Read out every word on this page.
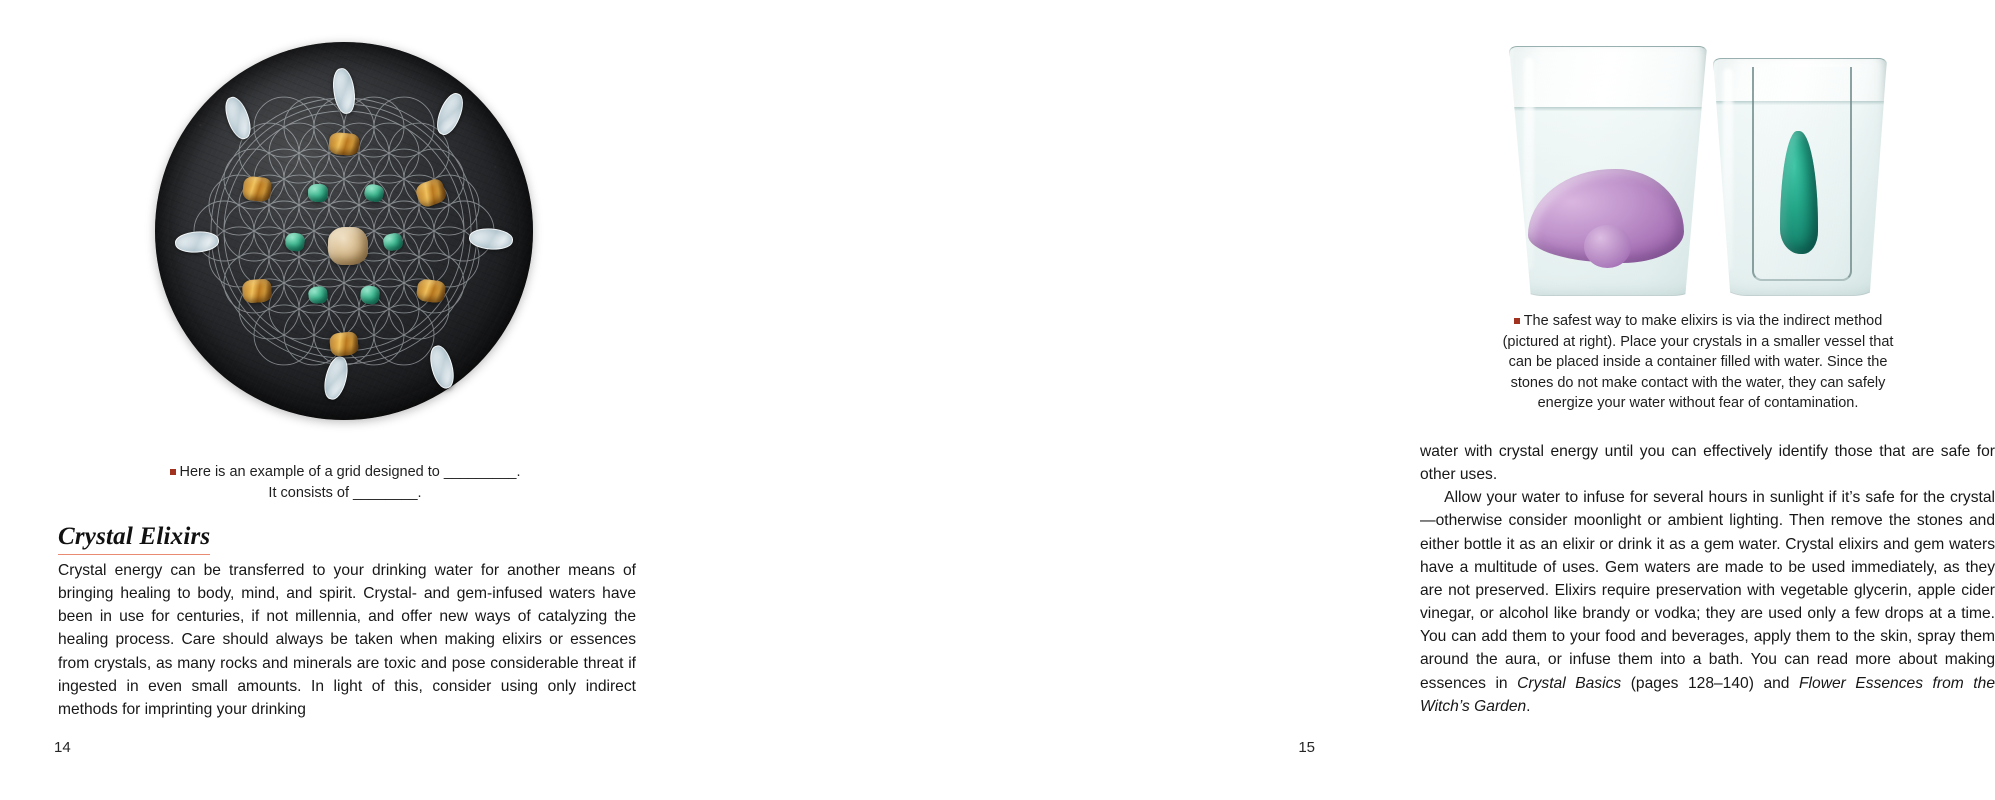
Here is an example of a grid designed to _________.
It consists of ________.
Crystal Elixirs

Crystal energy can be transferred to your drinking water for another means of bringing healing to body, mind, and spirit. Crystal- and gem-infused waters have been in use for centuries, if not millennia, and offer new ways of catalyzing the healing process. Care should always be taken when making elixirs or essences from crystals, as many rocks and minerals are toxic and pose considerable threat if ingested in even small amounts. In light of this, consider using only indirect methods for imprinting your drinking

14
The safest way to make elixirs is via the indirect method (pictured at right). Place your crystals in a smaller vessel that can be placed inside a container filled with water. Since the stones do not make contact with the water, they can safely energize your water without fear of contamination.

water with crystal energy until you can effectively identify those that are safe for other uses.

Allow your water to infuse for several hours in sunlight if it’s safe for the crystal—otherwise consider moonlight or ambient lighting. Then remove the stones and either bottle it as an elixir or drink it as a gem water. Crystal elixirs and gem waters have a multitude of uses. Gem waters are made to be used immediately, as they are not preserved. Elixirs require preservation with vegetable glycerin, apple cider vinegar, or alcohol like brandy or vodka; they are used only a few drops at a time. You can add them to your food and beverages, apply them to the skin, spray them around the aura, or infuse them into a bath. You can read more about making essences in Crystal Basics (pages 128–140) and Flower Essences from the Witch’s Garden.

15
